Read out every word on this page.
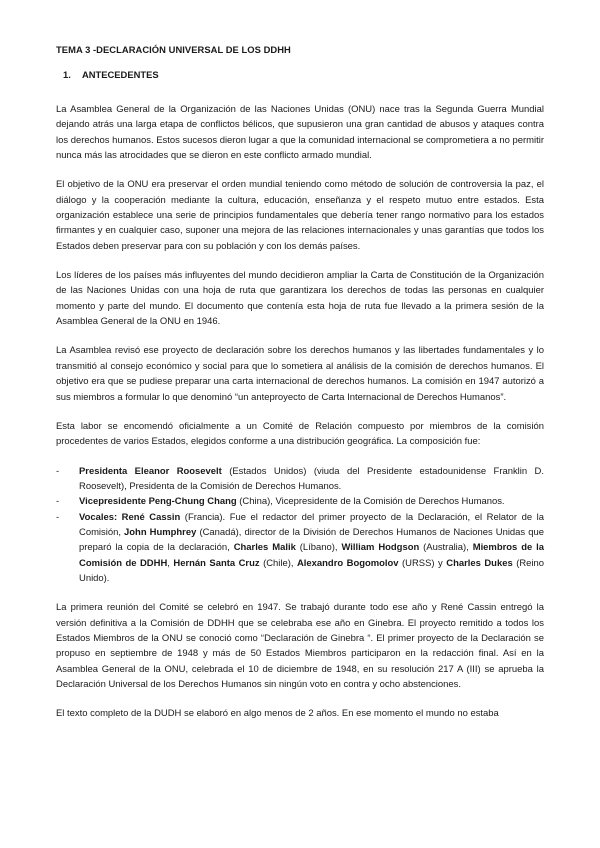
TEMA 3 -DECLARACIÓN UNIVERSAL DE LOS DDHH
1. ANTECEDENTES

La Asamblea General de la Organización de las Naciones Unidas (ONU) nace tras la Segunda Guerra Mundial dejando atrás una larga etapa de conflictos bélicos, que supusieron una gran cantidad de abusos y ataques contra los derechos humanos. Estos sucesos dieron lugar a que la comunidad internacional se comprometiera a no permitir nunca más las atrocidades que se dieron en este conflicto armado mundial.

El objetivo de la ONU era preservar el orden mundial teniendo como método de solución de controversia la paz, el diálogo y la cooperación mediante la cultura, educación, enseñanza y el respeto mutuo entre estados. Esta organización establece una serie de principios fundamentales que debería tener rango normativo para los estados firmantes y en cualquier caso, suponer una mejora de las relaciones internacionales y unas garantías que todos los Estados deben preservar para con su población y con los demás países.

Los líderes de los países más influyentes del mundo decidieron ampliar la Carta de Constitución de la Organización de las Naciones Unidas con una hoja de ruta que garantizara los derechos de todas las personas en cualquier momento y parte del mundo. El documento que contenía esta hoja de ruta fue llevado a la primera sesión de la Asamblea General de la ONU en 1946.

La Asamblea revisó ese proyecto de declaración sobre los derechos humanos y las libertades fundamentales y lo transmitió al consejo económico y social para que lo sometiera al análisis de la comisión de derechos humanos. El objetivo era que se pudiese preparar una carta internacional de derechos humanos. La comisión en 1947 autorizó a sus miembros a formular lo que denominó “un anteproyecto de Carta Internacional de Derechos Humanos”.

Esta labor se encomendó oficialmente a un Comité de Relación compuesto por miembros de la comisión procedentes de varios Estados, elegidos conforme a una distribución geográfica. La composición fue:

- Presidenta Eleanor Roosevelt (Estados Unidos) (viuda del Presidente estadounidense Franklin D. Roosevelt), Presidenta de la Comisión de Derechos Humanos.
- Vicepresidente Peng-Chung Chang (China), Vicepresidente de la Comisión de Derechos Humanos.
- Vocales: René Cassin (Francia). Fue el redactor del primer proyecto de la Declaración, el Relator de la Comisión, John Humphrey (Canadá), director de la División de Derechos Humanos de Naciones Unidas que preparó la copia de la declaración, Charles Malik (Líbano), William Hodgson (Australia), Miembros de la Comisión de DDHH, Hernán Santa Cruz (Chile), Alexandro Bogomolov (URSS) y Charles Dukes (Reino Unido).

La primera reunión del Comité se celebró en 1947. Se trabajó durante todo ese año y René Cassin entregó la versión definitiva a la Comisión de DDHH que se celebraba ese año en Ginebra. El proyecto remitido a todos los Estados Miembros de la ONU se conoció como “Declaración de Ginebra “. El primer proyecto de la Declaración se propuso en septiembre de 1948 y más de 50 Estados Miembros participaron en la redacción final. Así en la Asamblea General de la ONU, celebrada el 10 de diciembre de 1948, en su resolución 217 A (III) se aprueba la Declaración Universal de los Derechos Humanos sin ningún voto en contra y ocho abstenciones.

El texto completo de la DUDH se elaboró en algo menos de 2 años. En ese momento el mundo no estaba
